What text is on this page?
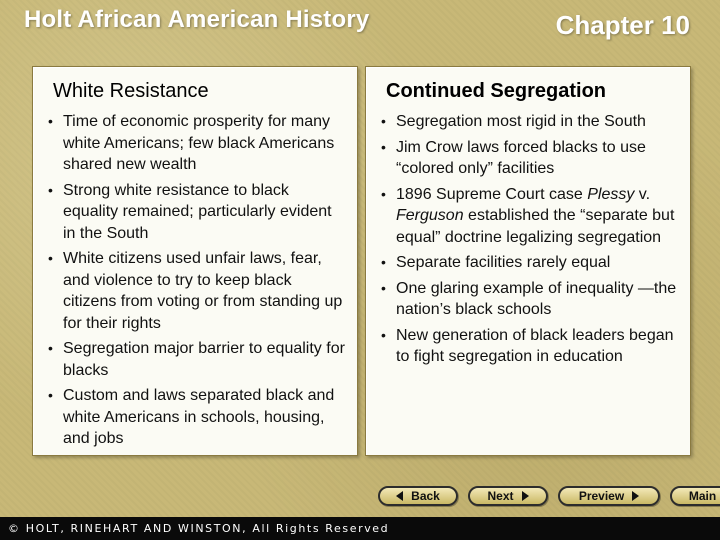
Holt African American History	Chapter 10
White Resistance
• Time of economic prosperity for many white Americans; few black Americans shared new wealth
• Strong white resistance to black equality remained; particularly evident in the South
• White citizens used unfair laws, fear, and violence to try to keep black citizens from voting or from standing up for their rights
• Segregation major barrier to equality for blacks
• Custom and laws separated black and white Americans in schools, housing, and jobs
Continued Segregation
• Segregation most rigid in the South
• Jim Crow laws forced blacks to use “colored only” facilities
• 1896 Supreme Court case Plessy v. Ferguson established the “separate but equal” doctrine legalizing segregation
• Separate facilities rarely equal
• One glaring example of inequality —the nation’s black schools
• New generation of black leaders began to fight segregation in education
Back	Next	Preview	Main
© HOLT, RINEHART AND WINSTON, All Rights Reserved
